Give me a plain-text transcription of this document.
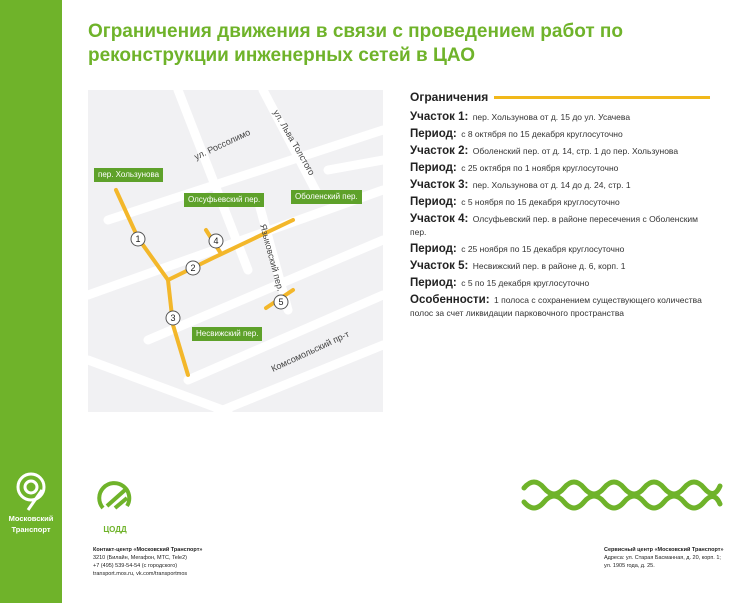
Московский
Транспорт
Ограничения движения в связи с проведением работ по реконструкции инженерных сетей в ЦАО
ул. Россолимо ул. Льва Толстого
Языковский пер.
Комсомольский пр-т
1
2
3
4
5
пер. Хользунова
Олсуфьевский пер.	Оболенский пер.
Несвижский пер.
Ограничения
Участок 1: пер. Хользунова от д. 15 до ул. Усачева
Период: с 8 октября по 15 декабря круглосуточно
Участок 2: Оболенский пер. от д. 14, стр. 1 до пер. Хользунова
Период: с 25 октября по 1 ноября круглосуточно
Участок 3: пер. Хользунова от д. 14 до д. 24, стр. 1
Период: с 5 ноября по 15 декабря круглосуточно
Участок 4: Олсуфьевский пер. в районе пересечения с Оболенским пер.
Период: с 25 ноября по 15 декабря круглосуточно
Участок 5: Несвижский пер. в районе д. 6, корп. 1
Период: с 5 по 15 декабря круглосуточно
Особенности: 1 полоса с сохранением существующего количества полос за счет ликвидации парковочного пространства
ЦОДД
Контакт-центр «Московский Транспорт»
3210 (Билайн, Мегафон, МТС, Tele2)
+7 (495) 539-54-54 (с городского)
transport.mos.ru, vk.com/transportmos
Сервисный центр «Московский Транспорт»
Адреса: ул. Старая Басманная, д. 20, корп. 1;
ул. 1905 года, д. 25.
